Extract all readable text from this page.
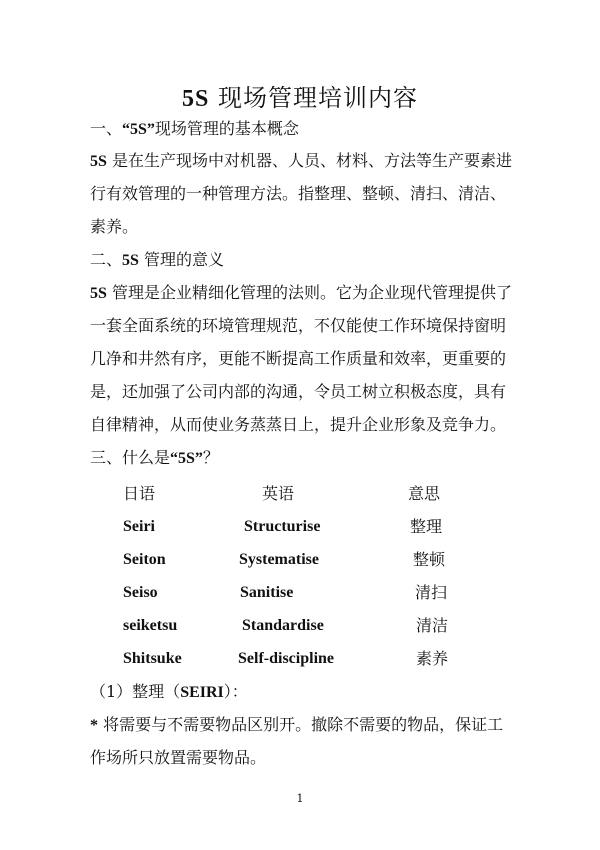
5S 现场管理培训内容
一、“5S”现场管理的基本概念
5S 是在生产现场中对机器、人员、材料、方法等生产要素进
行有效管理的一种管理方法。指整理、整顿、清扫、清洁、
素养。
二、5S 管理的意义
5S 管理是企业精细化管理的法则。它为企业现代管理提供了
一套全面系统的环境管理规范，不仅能使工作环境保持窗明
几净和井然有序，更能不断提高工作质量和效率，更重要的
是，还加强了公司内部的沟通，令员工树立积极态度，具有
自律精神，从而使业务蒸蒸日上，提升企业形象及竞争力。
三、什么是“5S”？
日语	英语	意思
Seiri	Structurise	整理
Seiton	Systematise	整顿
Seiso	Sanitise	清扫
seiketsu	Standardise	清洁
Shitsuke	Self-discipline	素养
（1）整理（SEIRI）：
* 将需要与不需要物品区别开。撤除不需要的物品，保证工
作场所只放置需要物品。
1
